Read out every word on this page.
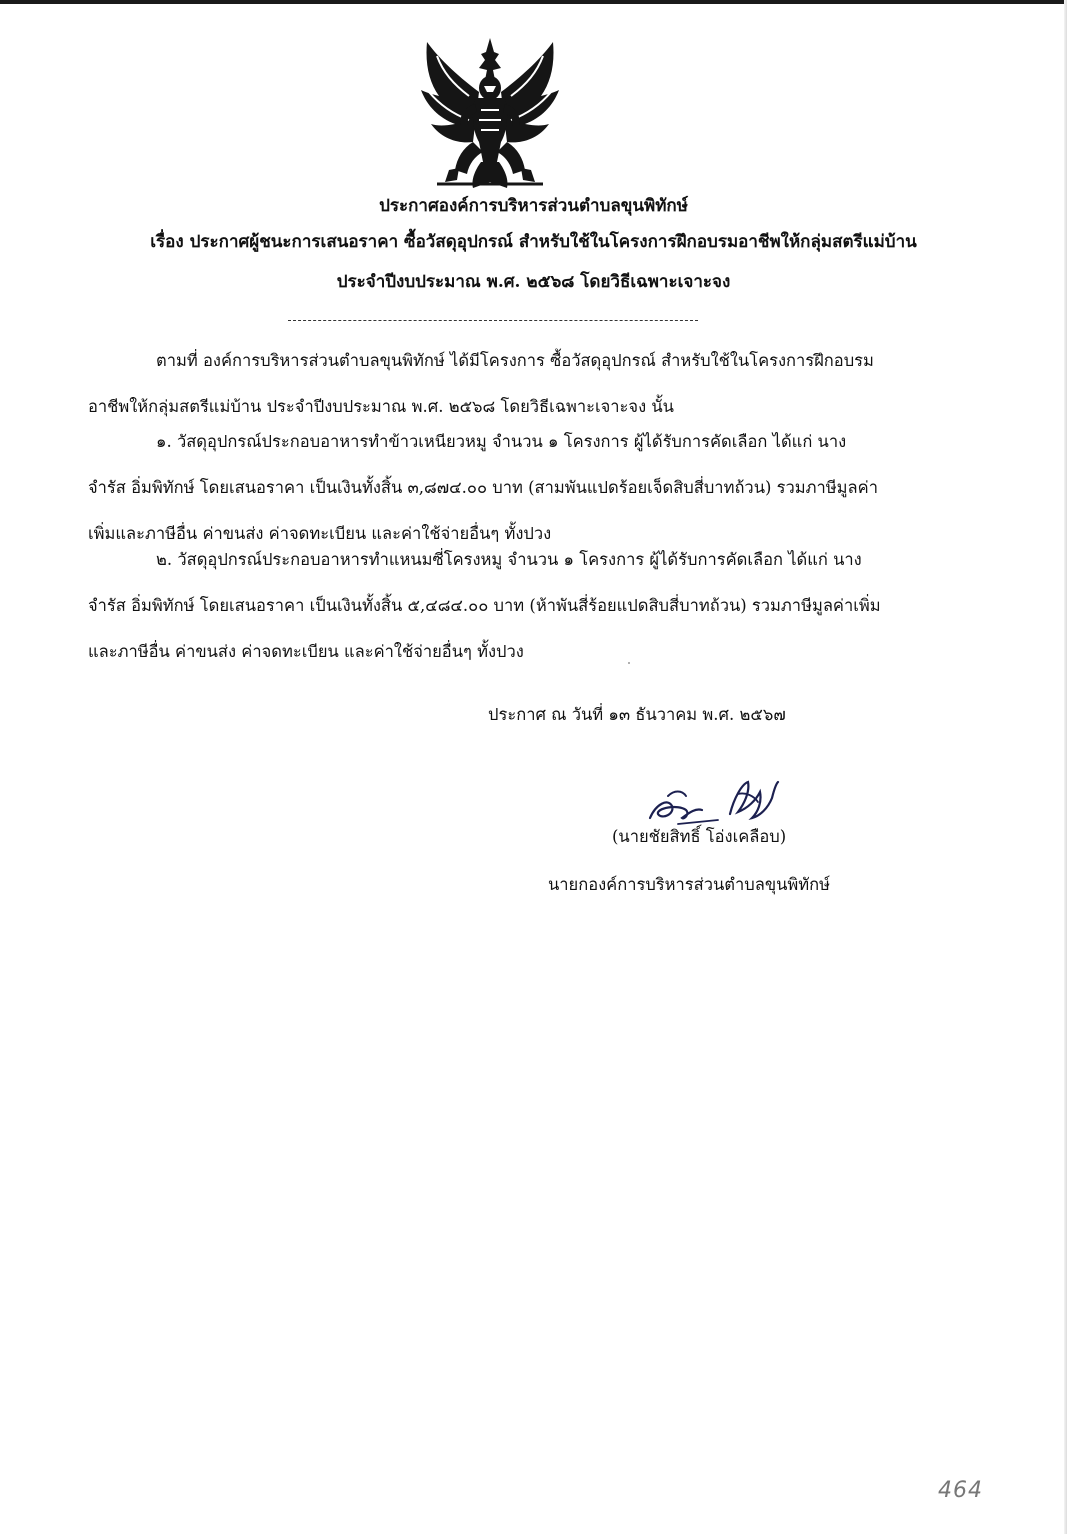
ประกาศองค์การบริหารส่วนตำบลขุนพิทักษ์
เรื่อง ประกาศผู้ชนะการเสนอราคา ซื้อวัสดุอุปกรณ์ สำหรับใช้ในโครงการฝึกอบรมอาชีพให้กลุ่มสตรีแม่บ้าน
ประจำปีงบประมาณ พ.ศ. ๒๕๖๘ โดยวิธีเฉพาะเจาะจง
ตามที่ องค์การบริหารส่วนตำบลขุนพิทักษ์ ได้มีโครงการ ซื้อวัสดุอุปกรณ์ สำหรับใช้ในโครงการฝึกอบรม
อาชีพให้กลุ่มสตรีแม่บ้าน ประจำปีงบประมาณ พ.ศ. ๒๕๖๘ โดยวิธีเฉพาะเจาะจง นั้น
๑. วัสดุอุปกรณ์ประกอบอาหารทำข้าวเหนียวหมู จำนวน ๑ โครงการ ผู้ได้รับการคัดเลือก ได้แก่ นาง
จำรัส อิ่มพิทักษ์ โดยเสนอราคา เป็นเงินทั้งสิ้น ๓,๘๗๔.๐๐ บาท (สามพันแปดร้อยเจ็ดสิบสี่บาทถ้วน) รวมภาษีมูลค่า
เพิ่มและภาษีอื่น ค่าขนส่ง ค่าจดทะเบียน และค่าใช้จ่ายอื่นๆ ทั้งปวง
๒. วัสดุอุปกรณ์ประกอบอาหารทำแหนมซี่โครงหมู จำนวน ๑ โครงการ ผู้ได้รับการคัดเลือก ได้แก่ นาง
จำรัส อิ่มพิทักษ์ โดยเสนอราคา เป็นเงินทั้งสิ้น ๕,๔๘๔.๐๐ บาท (ห้าพันสี่ร้อยแปดสิบสี่บาทถ้วน) รวมภาษีมูลค่าเพิ่ม
และภาษีอื่น ค่าขนส่ง ค่าจดทะเบียน และค่าใช้จ่ายอื่นๆ ทั้งปวง
ประกาศ ณ วันที่ ๑๓ ธันวาคม พ.ศ. ๒๕๖๗
(นายชัยสิทธิ์ โอ่งเคลือบ)
นายกองค์การบริหารส่วนตำบลขุนพิทักษ์
464
